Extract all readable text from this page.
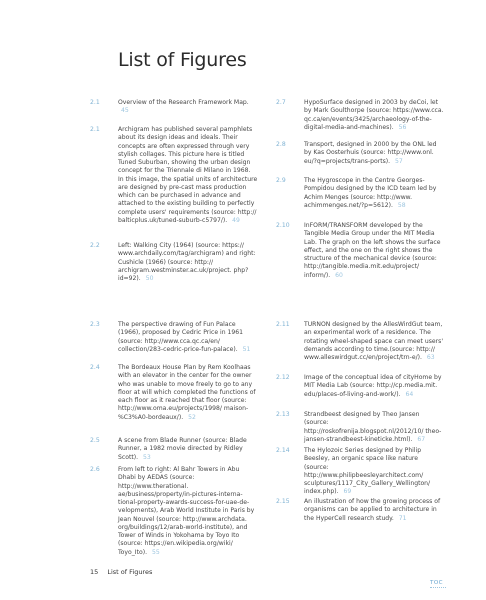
List of Figures
2.1	Overview of the Research Framework Map. 45
2.1	Archigram has published several pamphlets about its design ideas and ideals. Their concepts are often expressed through very stylish collages. This picture here is titled Tuned Suburban, showing the urban design concept for the Triennale di Milano in 1968. In this image, the spatial units of architecture are designed by pre-cast mass production which can be purchased in advance and attached to the existing building to perfectly complete users' requirements (source: http:// balticplus.uk/tuned-suburb-c5797/). 49
2.2	Left: Walking City (1964) (source: https:// www.archdaily.com/tag/archigram) and right: Cushicle (1966) (source: http:// archigram.westminster.ac.uk/project. php?id=92). 50
2.3	The perspective drawing of Fun Palace (1966), proposed by Cedric Price in 1961 (source: http://www.cca.qc.ca/en/ collection/283-cedric-price-fun-palace). 51
2.4	The Bordeaux House Plan by Rem Koolhaas with an elevator in the center for the owner who was unable to move freely to go to any floor at will which completed the functions of each floor as it reached that floor (source: http://www.oma.eu/projects/1998/ maison-%C3%A0-bordeaux/). 52
2.5	A scene from Blade Runner (source: Blade Runner, a 1982 movie directed by Ridley Scott). 53
2.6	From left to right: Al Bahr Towers in Abu Dhabi by AEDAS (source: http://www.therational. ae/business/property/in-pictures-interna- tional-property-awards-success-for-uae-de- velopments), Arab World Institute in Paris by Jean Nouvel (source: http://www.archdata. org/buildings/12/arab-world-institute), and Tower of Winds in Yokohama by Toyo Ito (source: https://en.wikipedia.org/wiki/ Toyo_Ito). 55
2.7	HypoSurface designed in 2003 by deCoi, let by Mark Goulthorpe (source: https://www.cca. qc.ca/en/events/3425/archaeology-of-the- digital-media-and-machines). 56
2.8	Transport, designed in 2000 by the ONL led by Kas Oosterhuis (source: http://www.onl. eu/?q=projects/trans-ports). 57
2.9	The Hygroscope in the Centre Georges-Pompidou designed by the ICD team led by Achim Menges (source: http://www. achimmenges.net/?p=5612). 58
2.10 InFORM/TRANSFORM developed by the Tangible Media Group under the MIT Media Lab. The graph on the left shows the surface effect, and the one on the right shows the structure of the mechanical device (source: http://tangible.media.mit.edu/project/ inform/). 60
2.11 TURNON designed by the AllesWirdGut team, an experimental work of a residence. The rotating wheel-shaped space can meet users' demands according to time.(source: http:// www.alleswirdgut.cc/en/project/trn-e/). 63
2.12 Image of the conceptual idea of cityHome by MIT Media Lab (source: http://cp.media.mit. edu/places-of-living-and-work/). 64
2.13 Strandbeest designed by Theo Jansen (source: http://roskofrenija.blogspot.nl/2012/10/ theo-jansen-strandbeest-kineticke.html). 67
2.14 The Hylozoic Series designed by Philip Beesley, an organic space like nature (source: http://www.philipbeesleyarchitect.com/ sculptures/1117_City_Gallery_Wellington/ index.php). 69
2.15 An illustration of how the growing process of organisms can be applied to architecture in the HyperCell research study. 71
15 List of Figures
TOC
